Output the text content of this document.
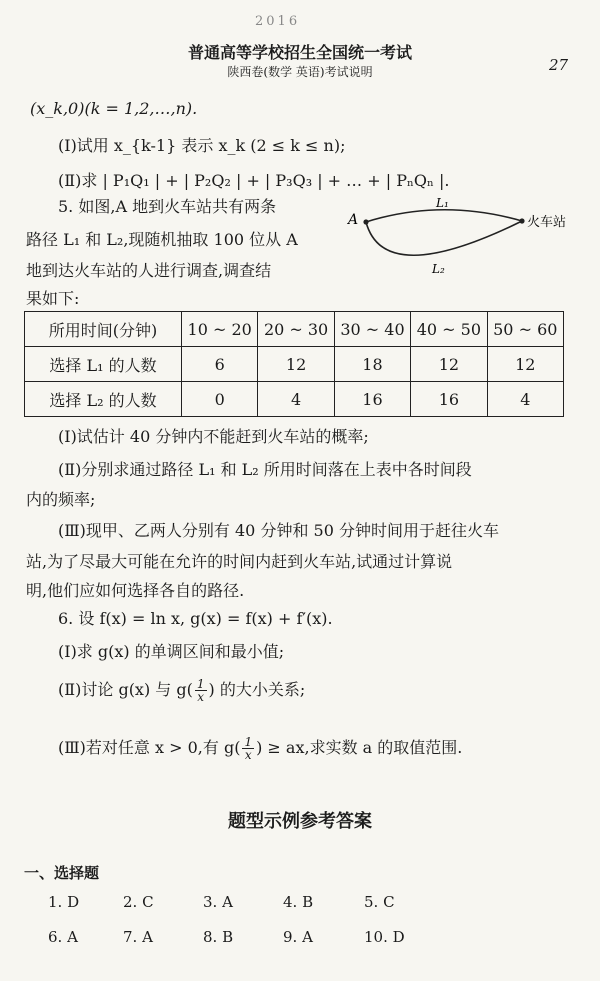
2016
普通高等学校招生全国统一考试
陕西卷(数学 英语)考试说明	27
(x_k,0)(k = 1,2,…,n).
(Ⅰ)试用 x_{k-1} 表示 x_k (2 ≤ k ≤ n);
(Ⅱ)求 | P₁Q₁ | + | P₂Q₂ | + | P₃Q₃ | + … + | PₙQₙ |.
5. 如图,A 地到火车站共有两条
路径 L₁ 和 L₂,现随机抽取 100 位从 A
地到达火车站的人进行调查,调查结
果如下:
A	火车站
L₁
L₂
所用时间(分钟)	10 ~ 20	20 ~ 30	30 ~ 40	40 ~ 50	50 ~ 60
选择 L₁ 的人数	6	12	18	12	12
选择 L₂ 的人数	0	4	16	16	4
(Ⅰ)试估计 40 分钟内不能赶到火车站的概率;
(Ⅱ)分别求通过路径 L₁ 和 L₂ 所用时间落在上表中各时间段
内的频率;
(Ⅲ)现甲、乙两人分别有 40 分钟和 50 分钟时间用于赶往火车
站,为了尽最大可能在允许的时间内赶到火车站,试通过计算说
明,他们应如何选择各自的路径.
6. 设 f(x) = ln x, g(x) = f(x) + f′(x).
(Ⅰ)求 g(x) 的单调区间和最小值;
(Ⅱ)讨论 g(x) 与 $g( \frac{1}{x}$ ) 的大小关系;
(Ⅲ)若对任意 x > 0,有 $g( \frac{1}{x}$ ) ≥ ax,求实数 a 的取值范围.
题型示例参考答案
一、选择题
1. D	2. C	3. A	4. B	5. C
6. A	7. A	8. B	9. A	10. D
